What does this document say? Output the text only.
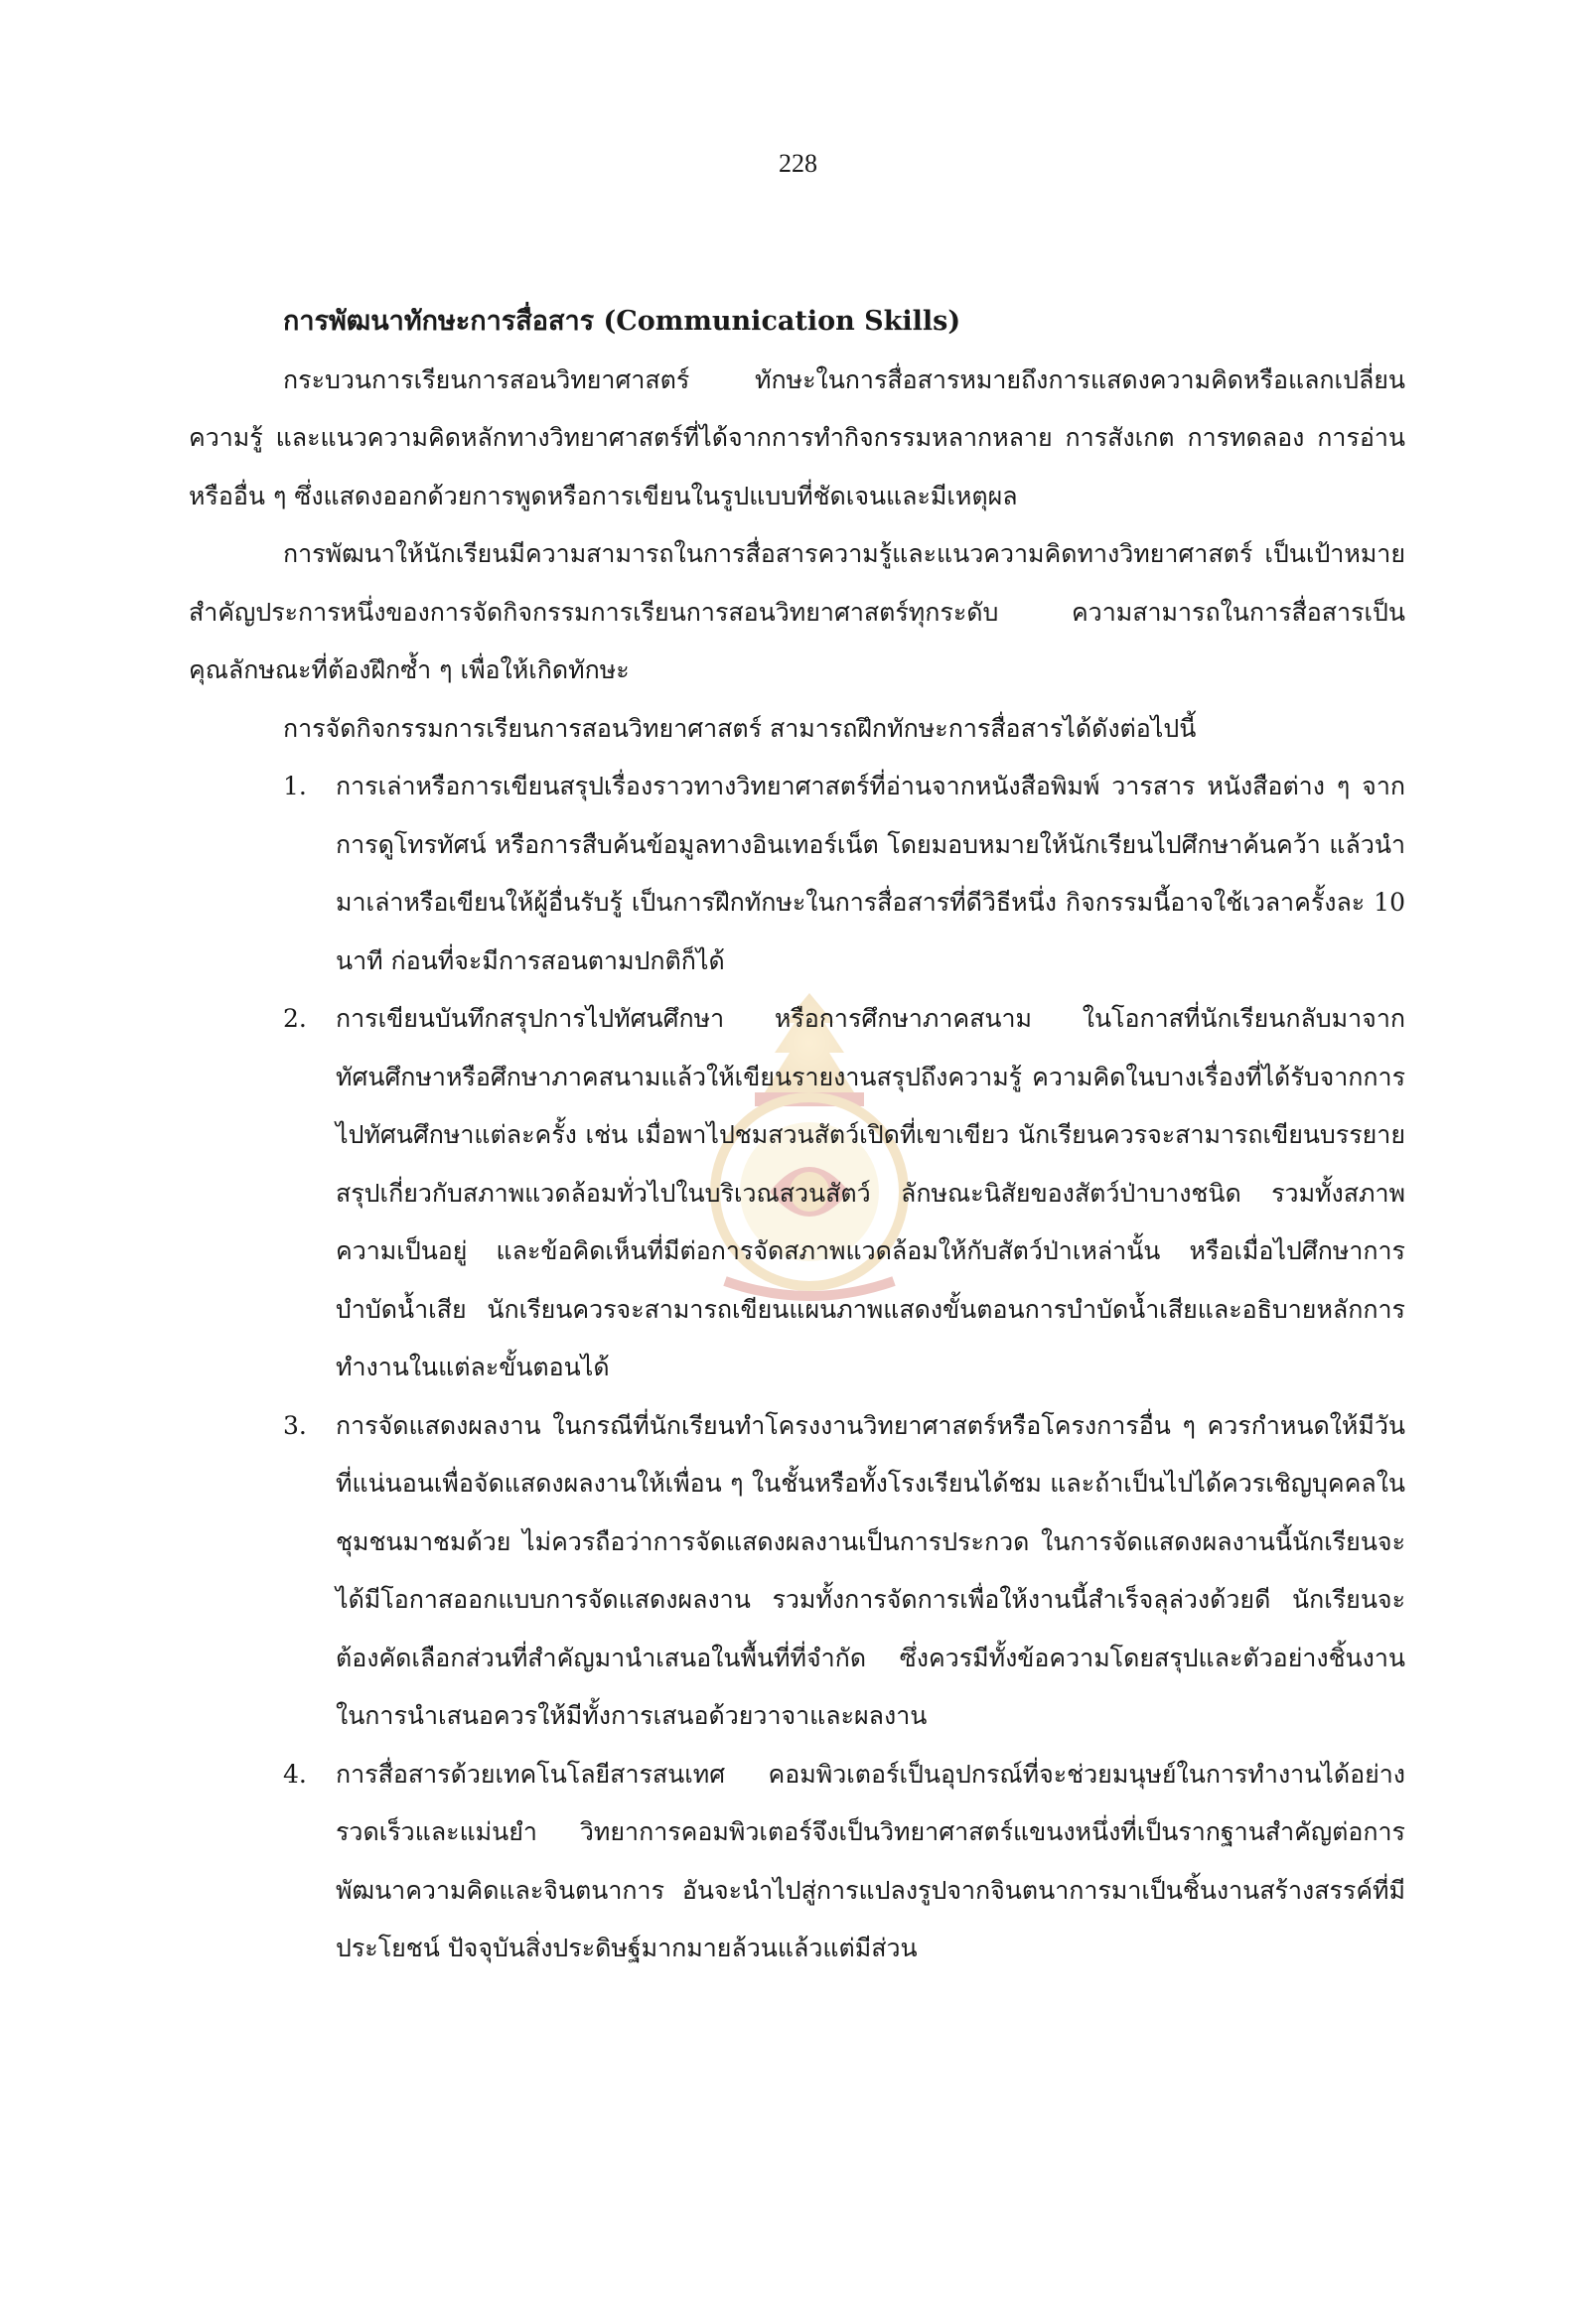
228
การพัฒนาทักษะการสื่อสาร (Communication Skills)

กระบวนการเรียนการสอนวิทยาศาสตร์ ทักษะในการสื่อสารหมายถึงการแสดงความคิดหรือแลกเปลี่ยนความรู้ และแนวความคิดหลักทางวิทยาศาสตร์ที่ได้จากการทำกิจกรรมหลากหลาย การสังเกต การทดลอง การอ่านหรืออื่น ๆ ซึ่งแสดงออกด้วยการพูดหรือการเขียนในรูปแบบที่ชัดเจนและมีเหตุผล

การพัฒนาให้นักเรียนมีความสามารถในการสื่อสารความรู้และแนวความคิดทางวิทยาศาสตร์ เป็นเป้าหมายสำคัญประการหนึ่งของการจัดกิจกรรมการเรียนการสอนวิทยาศาสตร์ทุกระดับ ความสามารถในการสื่อสารเป็นคุณลักษณะที่ต้องฝึกซ้ำ ๆ เพื่อให้เกิดทักษะ

การจัดกิจกรรมการเรียนการสอนวิทยาศาสตร์ สามารถฝึกทักษะการสื่อสารได้ดังต่อไปนี้

1.	การเล่าหรือการเขียนสรุปเรื่องราวทางวิทยาศาสตร์ที่อ่านจากหนังสือพิมพ์ วารสาร หนังสือต่าง ๆ จากการดูโทรทัศน์ หรือการสืบค้นข้อมูลทางอินเทอร์เน็ต โดยมอบหมายให้นักเรียนไปศึกษาค้นคว้า แล้วนำมาเล่าหรือเขียนให้ผู้อื่นรับรู้ เป็นการฝึกทักษะในการสื่อสารที่ดีวิธีหนึ่ง กิจกรรมนี้อาจใช้เวลาครั้งละ 10 นาที ก่อนที่จะมีการสอนตามปกติก็ได้
2.	การเขียนบันทึกสรุปการไปทัศนศึกษา หรือการศึกษาภาคสนาม ในโอกาสที่นักเรียนกลับมาจากทัศนศึกษาหรือศึกษาภาคสนามแล้วให้เขียนรายงานสรุปถึงความรู้ ความคิดในบางเรื่องที่ได้รับจากการไปทัศนศึกษาแต่ละครั้ง เช่น เมื่อพาไปชมสวนสัตว์เปิดที่เขาเขียว นักเรียนควรจะสามารถเขียนบรรยายสรุปเกี่ยวกับสภาพแวดล้อมทั่วไปในบริเวณสวนสัตว์ ลักษณะนิสัยของสัตว์ป่าบางชนิด รวมทั้งสภาพความเป็นอยู่ และข้อคิดเห็นที่มีต่อการจัดสภาพแวดล้อมให้กับสัตว์ป่าเหล่านั้น หรือเมื่อไปศึกษาการบำบัดน้ำเสีย นักเรียนควรจะสามารถเขียนแผนภาพแสดงขั้นตอนการบำบัดน้ำเสียและอธิบายหลักการทำงานในแต่ละขั้นตอนได้
3.	การจัดแสดงผลงาน ในกรณีที่นักเรียนทำโครงงานวิทยาศาสตร์หรือโครงการอื่น ๆ ควรกำหนดให้มีวันที่แน่นอนเพื่อจัดแสดงผลงานให้เพื่อน ๆ ในชั้นหรือทั้งโรงเรียนได้ชม และถ้าเป็นไปได้ควรเชิญบุคคลในชุมชนมาชมด้วย ไม่ควรถือว่าการจัดแสดงผลงานเป็นการประกวด ในการจัดแสดงผลงานนี้นักเรียนจะได้มีโอกาสออกแบบการจัดแสดงผลงาน รวมทั้งการจัดการเพื่อให้งานนี้สำเร็จลุล่วงด้วยดี นักเรียนจะต้องคัดเลือกส่วนที่สำคัญมานำเสนอในพื้นที่ที่จำกัด ซึ่งควรมีทั้งข้อความโดยสรุปและตัวอย่างชิ้นงาน ในการนำเสนอควรให้มีทั้งการเสนอด้วยวาจาและผลงาน
4.	การสื่อสารด้วยเทคโนโลยีสารสนเทศ คอมพิวเตอร์เป็นอุปกรณ์ที่จะช่วยมนุษย์ในการทำงานได้อย่างรวดเร็วและแม่นยำ วิทยาการคอมพิวเตอร์จึงเป็นวิทยาศาสตร์แขนงหนึ่งที่เป็นรากฐานสำคัญต่อการพัฒนาความคิดและจินตนาการ อันจะนำไปสู่การแปลงรูปจากจินตนาการมาเป็นชิ้นงานสร้างสรรค์ที่มีประโยชน์ ปัจจุบันสิ่งประดิษฐ์มากมายล้วนแล้วแต่มีส่วน
